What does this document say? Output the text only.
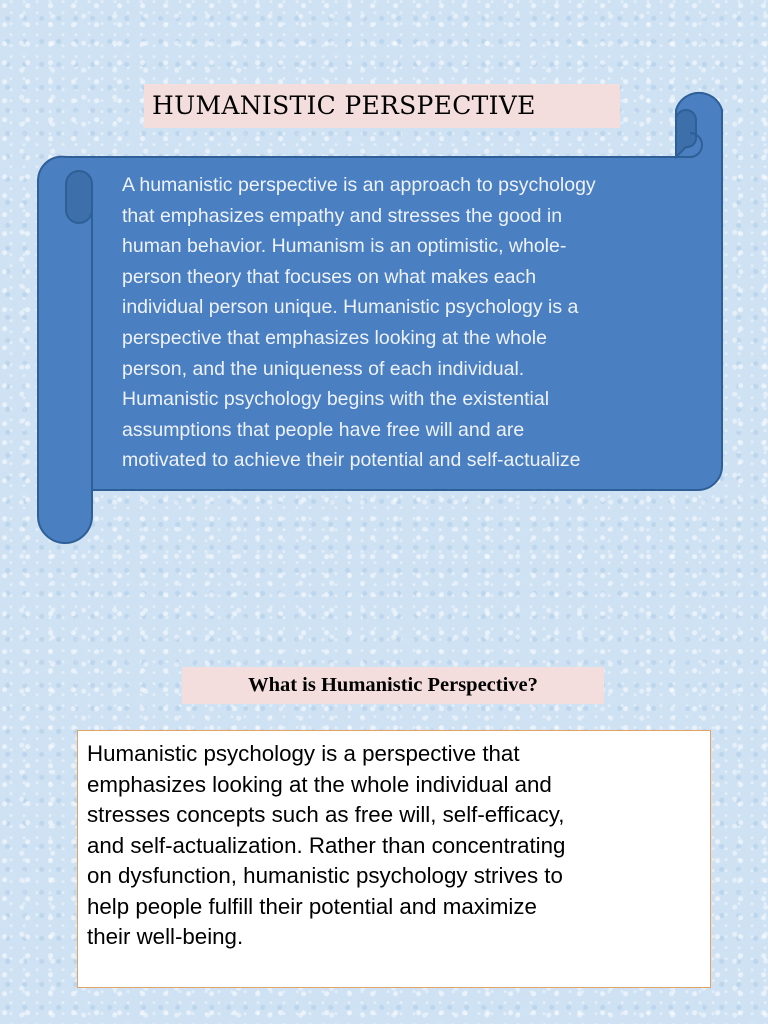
HUMANISTIC PERSPECTIVE
A humanistic perspective is an approach to psychology
that emphasizes empathy and stresses the good in
human behavior. Humanism is an optimistic, whole-
person theory that focuses on what makes each
individual person unique. Humanistic psychology is a
perspective that emphasizes looking at the whole
person, and the uniqueness of each individual.
Humanistic psychology begins with the existential
assumptions that people have free will and are
motivated to achieve their potential and self-actualize
What is Humanistic Perspective?
Humanistic psychology is a perspective that
emphasizes looking at the whole individual and
stresses concepts such as free will, self-efficacy,
and self-actualization. Rather than concentrating
on dysfunction, humanistic psychology strives to
help people fulfill their potential and maximize
their well-being.
